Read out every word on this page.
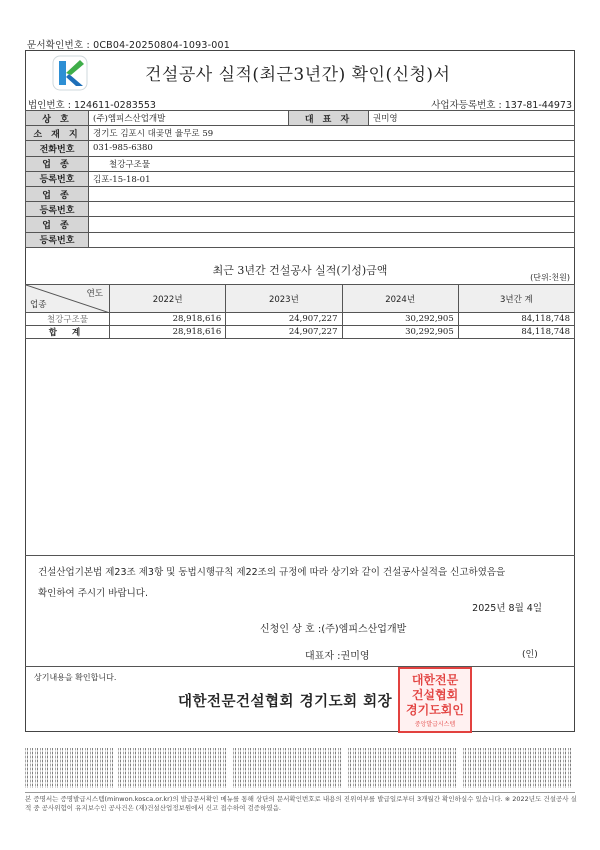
문서확인번호 : 0CB04-20250804-1093-001
건설공사 실적(최근3년간) 확인(신청)서
법인번호 : 124611-0283553	사업자등록번호 : 137-81-44973
상 호	(주)엠피스산업개발	대 표 자	권미영
소 재 지	경기도 김포시 대곶면 율무로 59		
전화번호	031-985-6380		
업 종	철강구조물		
등록번호	김포-15-18-01		
업 종			
등록번호			
업 종			
등록번호			
최근 3년간 건설공사 실적(기성)금액
(단위:천원)
연도
업종	2022년	2023년	2024년	3년간 계
철강구조물	28,918,616	24,907,227	30,292,905	84,118,748
합 계	28,918,616	24,907,227	30,292,905	84,118,748
건설산업기본법 제23조 제3항 및 동법시행규칙 제22조의 규정에 따라 상기와 같이 건설공사실적을 신고하였음을
확인하여 주시기 바랍니다.
2025년 8월 4일
신청인 상 호 :(주)엠피스산업개발
대표자 :권미영	(인)
상기내용을 확인합니다.
대한전문건설협회 경기도회 회장
대한전문
건설협회
경기도회인
중앙발급시스템
본 증명서는 증명발급시스템(minwon.kosca.or.kr)의 발급문서확인 메뉴를 통해 상단의 문서확인번호로 내용의 진위여부를 발급일로부터 3개월간 확인하실수 있습니다. ※ 2022년도 건설공사 실적 중 공사위험이 유지보수인 공사건은 (재)건설산업정보원에서 신고 접수하여 검증하였음.
